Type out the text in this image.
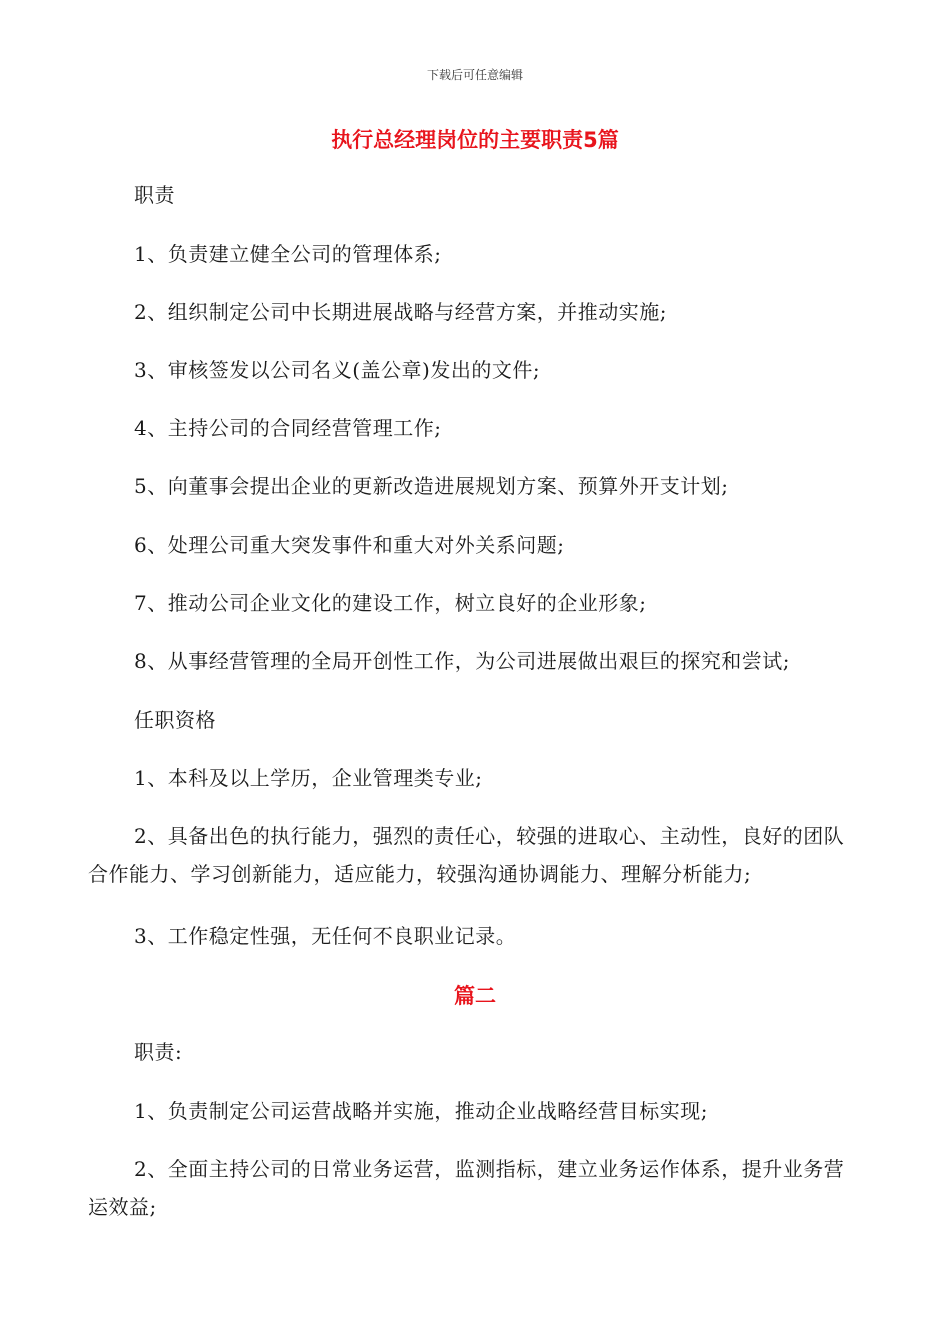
下载后可任意编辑
执行总经理岗位的主要职责5篇
职责
1、负责建立健全公司的管理体系;
2、组织制定公司中长期进展战略与经营方案，并推动实施;
3、审核签发以公司名义(盖公章)发出的文件;
4、主持公司的合同经营管理工作;
5、向董事会提出企业的更新改造进展规划方案、预算外开支计划;
6、处理公司重大突发事件和重大对外关系问题;
7、推动公司企业文化的建设工作，树立良好的企业形象;
8、从事经营管理的全局开创性工作，为公司进展做出艰巨的探究和尝试;
任职资格
1、本科及以上学历，企业管理类专业;
2、具备出色的执行能力，强烈的责任心，较强的进取心、主动性，良好的团队合作能力、学习创新能力，适应能力，较强沟通协调能力、理解分析能力;
3、工作稳定性强，无任何不良职业记录。
篇二
职责:
1、负责制定公司运营战略并实施，推动企业战略经营目标实现;
2、全面主持公司的日常业务运营，监测指标，建立业务运作体系，提升业务营运效益;
